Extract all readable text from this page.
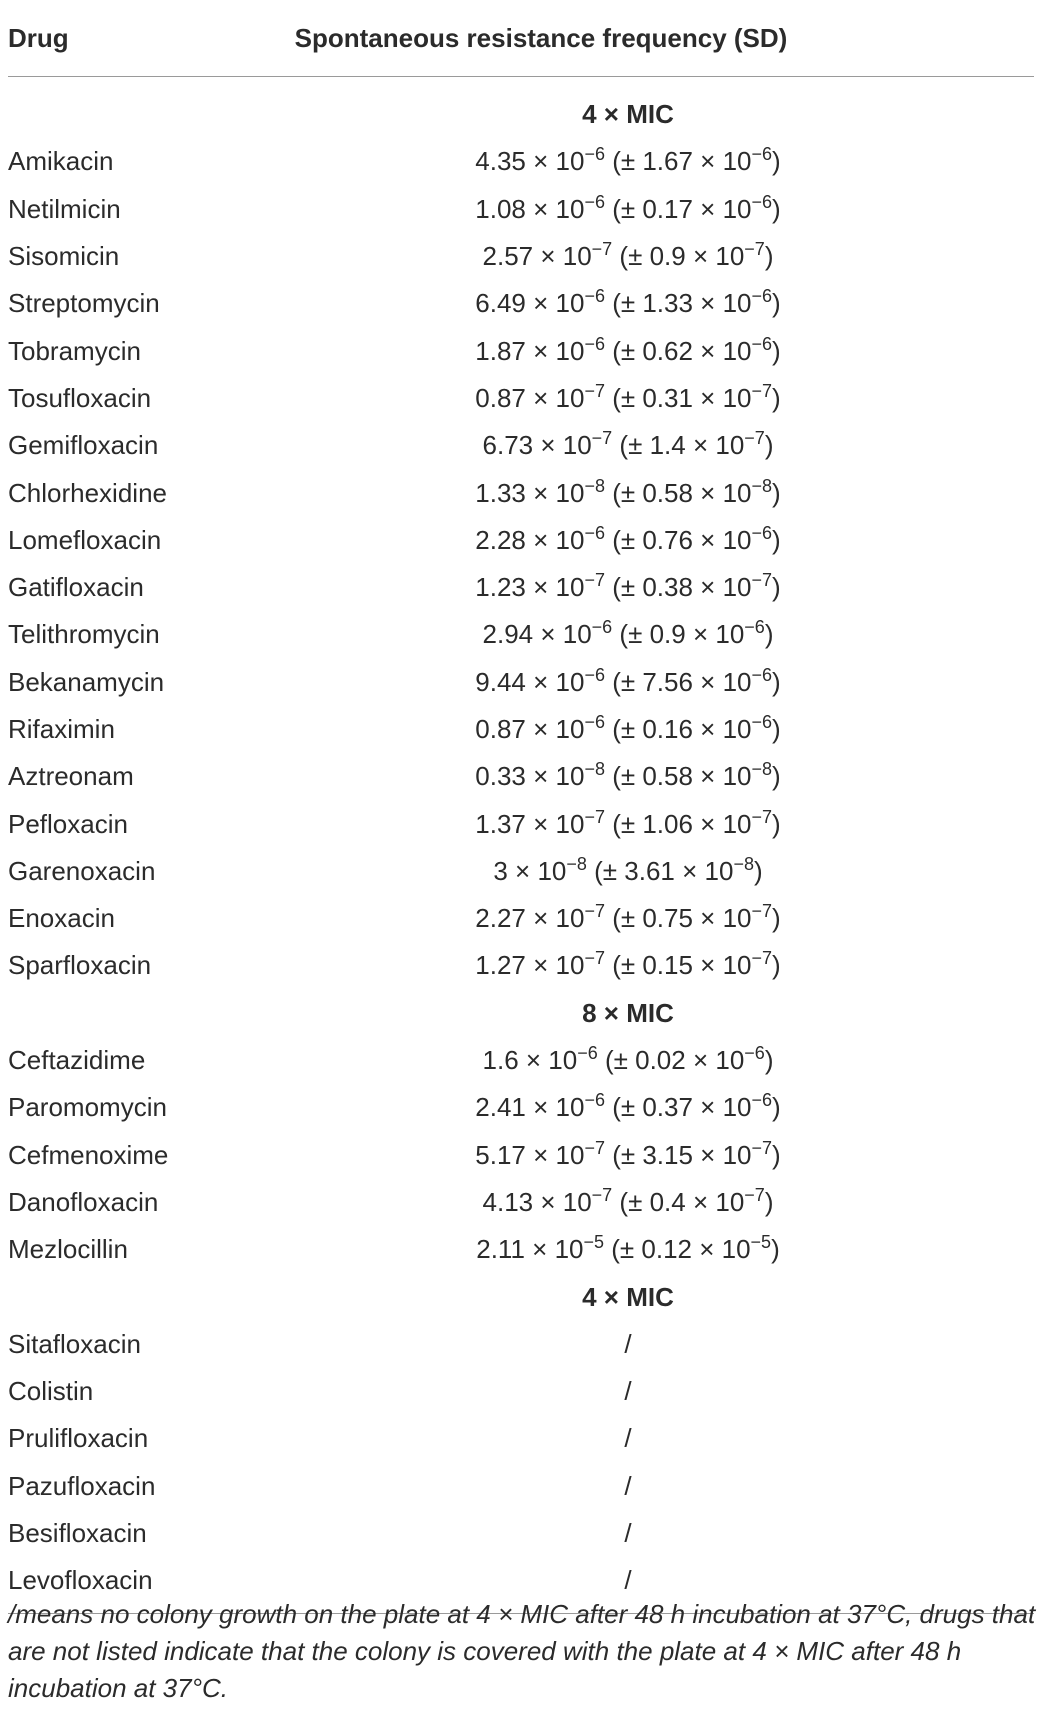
Drug	Spontaneous resistance frequency (SD)
4 × MIC
Amikacin	$4.35 \times 10^{-6}$ (± $1.67 \times 10^{-6}$)
Netilmicin	$1.08 \times 10^{-6}$ (± $0.17 \times 10^{-6}$)
Sisomicin	$2.57 \times 10^{-7}$ (± $0.9 \times 10^{-7}$)
Streptomycin	$6.49 \times 10^{-6}$ (± $1.33 \times 10^{-6}$)
Tobramycin	$1.87 \times 10^{-6}$ (± $0.62 \times 10^{-6}$)
Tosufloxacin	$0.87 \times 10^{-7}$ (± $0.31 \times 10^{-7}$)
Gemifloxacin	$6.73 \times 10^{-7}$ (± $1.4 \times 10^{-7}$)
Chlorhexidine	$1.33 \times 10^{-8}$ (± $0.58 \times 10^{-8}$)
Lomefloxacin	$2.28 \times 10^{-6}$ (± $0.76 \times 10^{-6}$)
Gatifloxacin	$1.23 \times 10^{-7}$ (± $0.38 \times 10^{-7}$)
Telithromycin	$2.94 \times 10^{-6}$ (± $0.9 \times 10^{-6}$)
Bekanamycin	$9.44 \times 10^{-6}$ (± $7.56 \times 10^{-6}$)
Rifaximin	$0.87 \times 10^{-6}$ (± $0.16 \times 10^{-6}$)
Aztreonam	$0.33 \times 10^{-8}$ (± $0.58 \times 10^{-8}$)
Pefloxacin	$1.37 \times 10^{-7}$ (± $1.06 \times 10^{-7}$)
Garenoxacin	$3 \times 10^{-8}$ (± $3.61 \times 10^{-8}$)
Enoxacin	$2.27 \times 10^{-7}$ (± $0.75 \times 10^{-7}$)
Sparfloxacin	$1.27 \times 10^{-7}$ (± $0.15 \times 10^{-7}$)
8 × MIC
Ceftazidime	$1.6 \times 10^{-6}$ (± $0.02 \times 10^{-6}$)
Paromomycin	$2.41 \times 10^{-6}$ (± $0.37 \times 10^{-6}$)
Cefmenoxime	$5.17 \times 10^{-7}$ (± $3.15 \times 10^{-7}$)
Danofloxacin	$4.13 \times 10^{-7}$ (± $0.4 \times 10^{-7}$)
Mezlocillin	$2.11 \times 10^{-5}$ (± $0.12 \times 10^{-5}$)
4 × MIC
Sitafloxacin	/
Colistin	/
Prulifloxacin	/
Pazufloxacin	/
Besifloxacin	/
Levofloxacin	/
/means no colony growth on the plate at 4 × MIC after 48 h incubation at 37°C, drugs that are not listed indicate that the colony is covered with the plate at 4 × MIC after 48 h incubation at 37°C.
